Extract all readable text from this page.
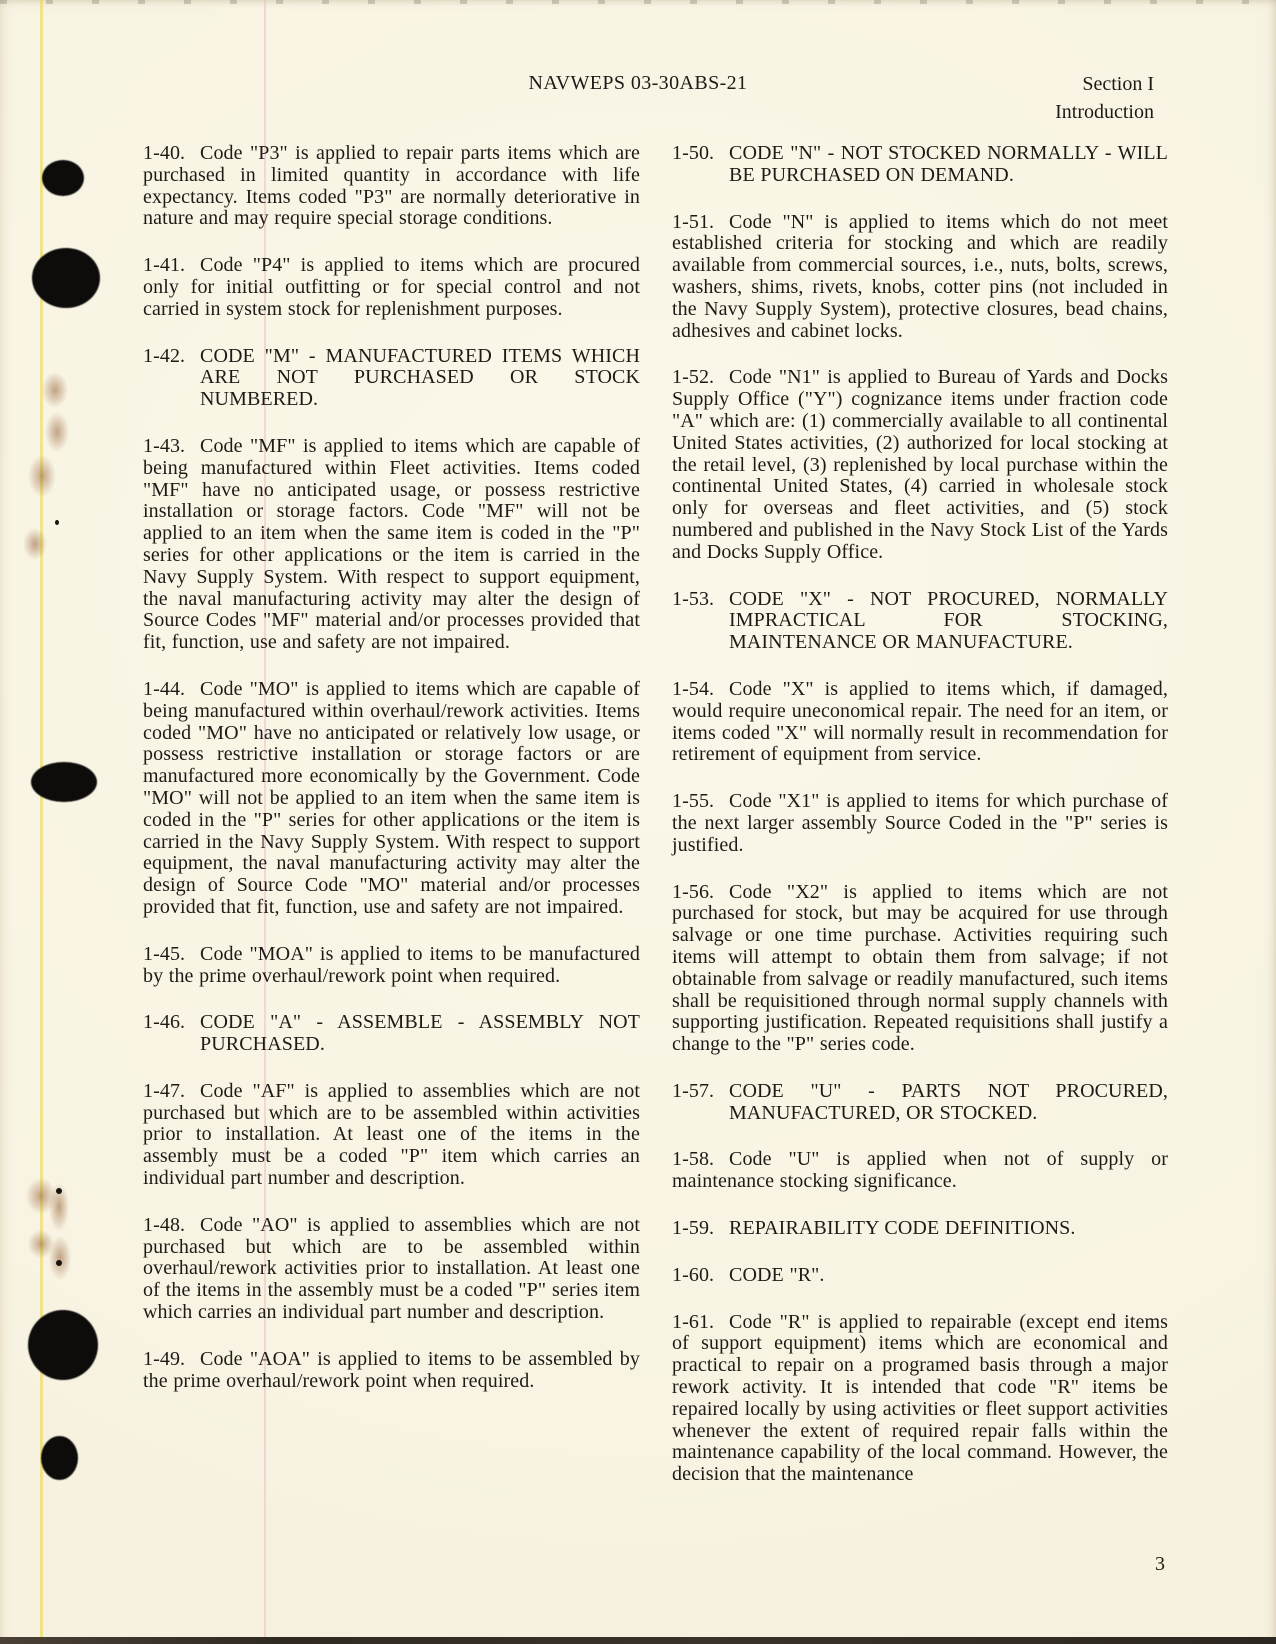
NAVWEPS 03-30ABS-21	Section I
Introduction

1-40. Code "P3" is applied to repair parts items which are purchased in limited quantity in accordance with life expectancy. Items coded "P3" are normally deteriorative in nature and may require special storage conditions.

1-41. Code "P4" is applied to items which are procured only for initial outfitting or for special control and not carried in system stock for replenishment purposes.

1-42. CODE "M" - MANUFACTURED ITEMS WHICH ARE NOT PURCHASED OR STOCK NUMBERED.

1-43. Code "MF" is applied to items which are capable of being manufactured within Fleet activities. Items coded "MF" have no anticipated usage, or possess restrictive installation or storage factors. Code "MF" will not be applied to an item when the same item is coded in the "P" series for other applications or the item is carried in the Navy Supply System. With respect to support equipment, the naval manufacturing activity may alter the design of Source Codes "MF" material and/or processes provided that fit, function, use and safety are not impaired.

1-44. Code "MO" is applied to items which are capable of being manufactured within overhaul/rework activities. Items coded "MO" have no anticipated or relatively low usage, or possess restrictive installation or storage factors or are manufactured more economically by the Government. Code "MO" will not be applied to an item when the same item is coded in the "P" series for other applications or the item is carried in the Navy Supply System. With respect to support equipment, the naval manufacturing activity may alter the design of Source Code "MO" material and/or processes provided that fit, function, use and safety are not impaired.

1-45. Code "MOA" is applied to items to be manufactured by the prime overhaul/rework point when required.

1-46. CODE "A" - ASSEMBLE - ASSEMBLY NOT PURCHASED.

1-47. Code "AF" is applied to assemblies which are not purchased but which are to be assembled within activities prior to installation. At least one of the items in the assembly must be a coded "P" item which carries an individual part number and description.

1-48. Code "AO" is applied to assemblies which are not purchased but which are to be assembled within overhaul/rework activities prior to installation. At least one of the items in the assembly must be a coded "P" series item which carries an individual part number and description.

1-49. Code "AOA" is applied to items to be assembled by the prime overhaul/rework point when required.

1-50. CODE "N" - NOT STOCKED NORMALLY - WILL BE PURCHASED ON DEMAND.

1-51. Code "N" is applied to items which do not meet established criteria for stocking and which are readily available from commercial sources, i.e., nuts, bolts, screws, washers, shims, rivets, knobs, cotter pins (not included in the Navy Supply System), protective closures, bead chains, adhesives and cabinet locks.

1-52. Code "N1" is applied to Bureau of Yards and Docks Supply Office ("Y") cognizance items under fraction code "A" which are: (1) commercially available to all continental United States activities, (2) authorized for local stocking at the retail level, (3) replenished by local purchase within the continental United States, (4) carried in wholesale stock only for overseas and fleet activities, and (5) stock numbered and published in the Navy Stock List of the Yards and Docks Supply Office.

1-53. CODE "X" - NOT PROCURED, NORMALLY IMPRACTICAL FOR STOCKING, MAINTENANCE OR MANUFACTURE.

1-54. Code "X" is applied to items which, if damaged, would require uneconomical repair. The need for an item, or items coded "X" will normally result in recommendation for retirement of equipment from service.

1-55. Code "X1" is applied to items for which purchase of the next larger assembly Source Coded in the "P" series is justified.

1-56. Code "X2" is applied to items which are not purchased for stock, but may be acquired for use through salvage or one time purchase. Activities requiring such items will attempt to obtain them from salvage; if not obtainable from salvage or readily manufactured, such items shall be requisitioned through normal supply channels with supporting justification. Repeated requisitions shall justify a change to the "P" series code.

1-57. CODE "U" - PARTS NOT PROCURED, MANUFACTURED, OR STOCKED.

1-58. Code "U" is applied when not of supply or maintenance stocking significance.

1-59. REPAIRABILITY CODE DEFINITIONS.

1-60. CODE "R".

1-61. Code "R" is applied to repairable (except end items of support equipment) items which are economical and practical to repair on a programed basis through a major rework activity. It is intended that code "R" items be repaired locally by using activities or fleet support activities whenever the extent of required repair falls within the maintenance capability of the local command. However, the decision that the maintenance

3
